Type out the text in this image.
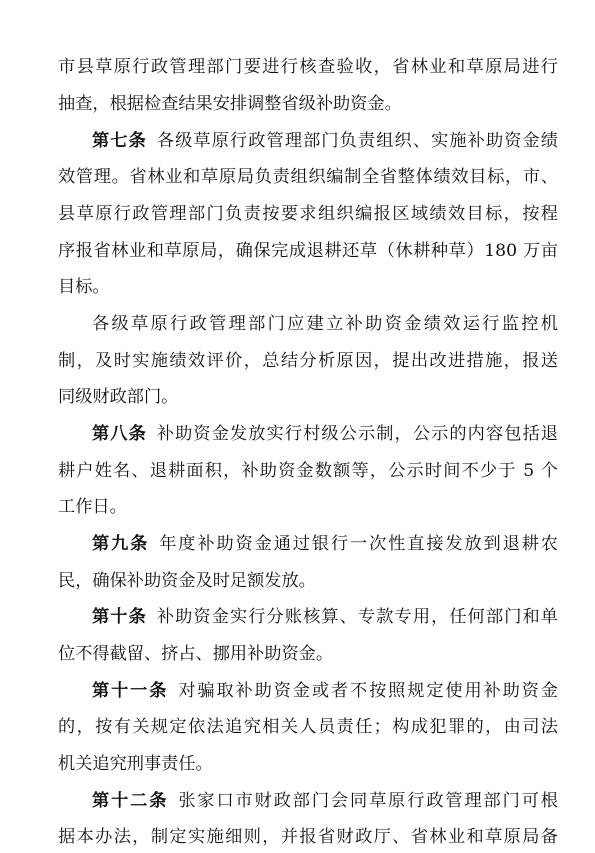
市县草原行政管理部门要进行核查验收，省林业和草原局进行
抽查，根据检查结果安排调整省级补助资金。
第七条 各级草原行政管理部门负责组织、实施补助资金绩
效管理。省林业和草原局负责组织编制全省整体绩效目标，市、
县草原行政管理部门负责按要求组织编报区域绩效目标，按程
序报省林业和草原局，确保完成退耕还草（休耕种草）180 万亩
目标。
各级草原行政管理部门应建立补助资金绩效运行监控机
制，及时实施绩效评价，总结分析原因，提出改进措施，报送
同级财政部门。
第八条 补助资金发放实行村级公示制，公示的内容包括退
耕户姓名、退耕面积，补助资金数额等，公示时间不少于 5 个
工作日。
第九条 年度补助资金通过银行一次性直接发放到退耕农
民，确保补助资金及时足额发放。
第十条 补助资金实行分账核算、专款专用，任何部门和单
位不得截留、挤占、挪用补助资金。
第十一条 对骗取补助资金或者不按照规定使用补助资金
的，按有关规定依法追究相关人员责任；构成犯罪的，由司法
机关追究刑事责任。
第十二条 张家口市财政部门会同草原行政管理部门可根
据本办法，制定实施细则，并报省财政厅、省林业和草原局备
